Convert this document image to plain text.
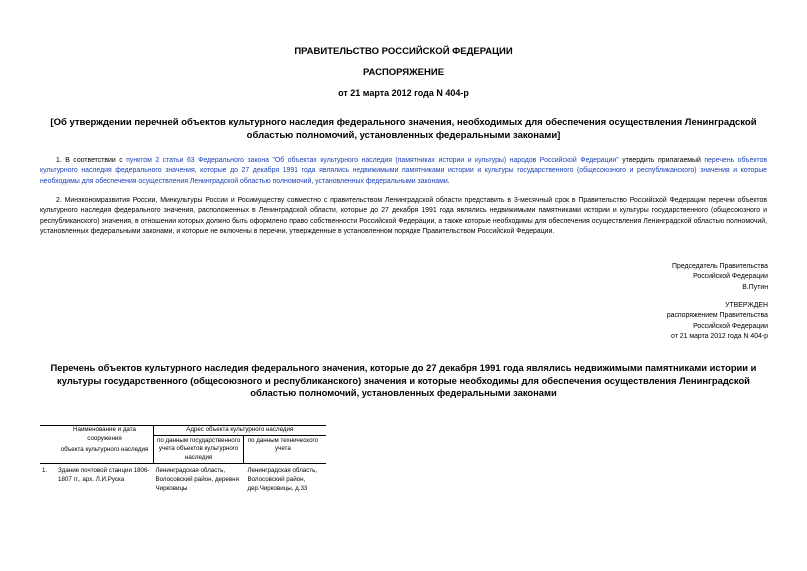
ПРАВИТЕЛЬСТВО РОССИЙСКОЙ ФЕДЕРАЦИИ
РАСПОРЯЖЕНИЕ
от 21 марта 2012 года N 404-р
[Об утверждении перечней объектов культурного наследия федерального значения, необходимых для обеспечения осуществления Ленинградской областью полномочий, установленных федеральными законами]
1. В соответствии с пунктом 2 статьи 63 Федерального закона "Об объектах культурного наследия (памятниках истории и культуры) народов Российской Федерации" утвердить прилагаемый перечень объектов культурного наследия федерального значения, которые до 27 декабря 1991 года являлись недвижимыми памятниками истории и культуры государственного (общесоюзного и республиканского) значения и которые необходимы для обеспечения осуществления Ленинградской областью полномочий, установленных федеральными законами.
2. Минэкономразвития России, Минкультуры России и Росимуществу совместно с правительством Ленинградской области представить в 3-месячный срок в Правительство Российской Федерации перечни объектов культурного наследия федерального значения, расположенных в Ленинградской области, которые до 27 декабря 1991 года являлись недвижимыми памятниками истории и культуры государственного (общесоюзного и республиканского) значения, в отношении которых должно быть оформлено право собственности Российской Федерации, а также которые необходимы для обеспечения осуществления Ленинградской областью полномочий, установленных федеральными законами, и которые не включены в перечни, утвержденные в установленном порядке Правительством Российской Федерации.
Председатель Правительства
Российской Федерации
В.Путин
УТВЕРЖДЕН
распоряжением Правительства
Российской Федерации
от 21 марта 2012 года N 404-р
Перечень объектов культурного наследия федерального значения, которые до 27 декабря 1991 года являлись недвижимыми памятниками истории и культуры государственного (общесоюзного и республиканского) значения и которые необходимы для обеспечения осуществления Ленинградской областью полномочий, установленных федеральными законами

Наименование и дата сооружения
объекта культурного наследия

Адрес объекта культурного наследия
по данным государственного учета объектов культурного наследия	по данным технического учета

1.	Здание почтовой станции 1806-1807 гг., арх. Л.И.Руска	Ленинградская область, Волосовский район, деревня Чирковицы	Ленинградская область, Волосовский район, дер.Чирковицы, д.33
